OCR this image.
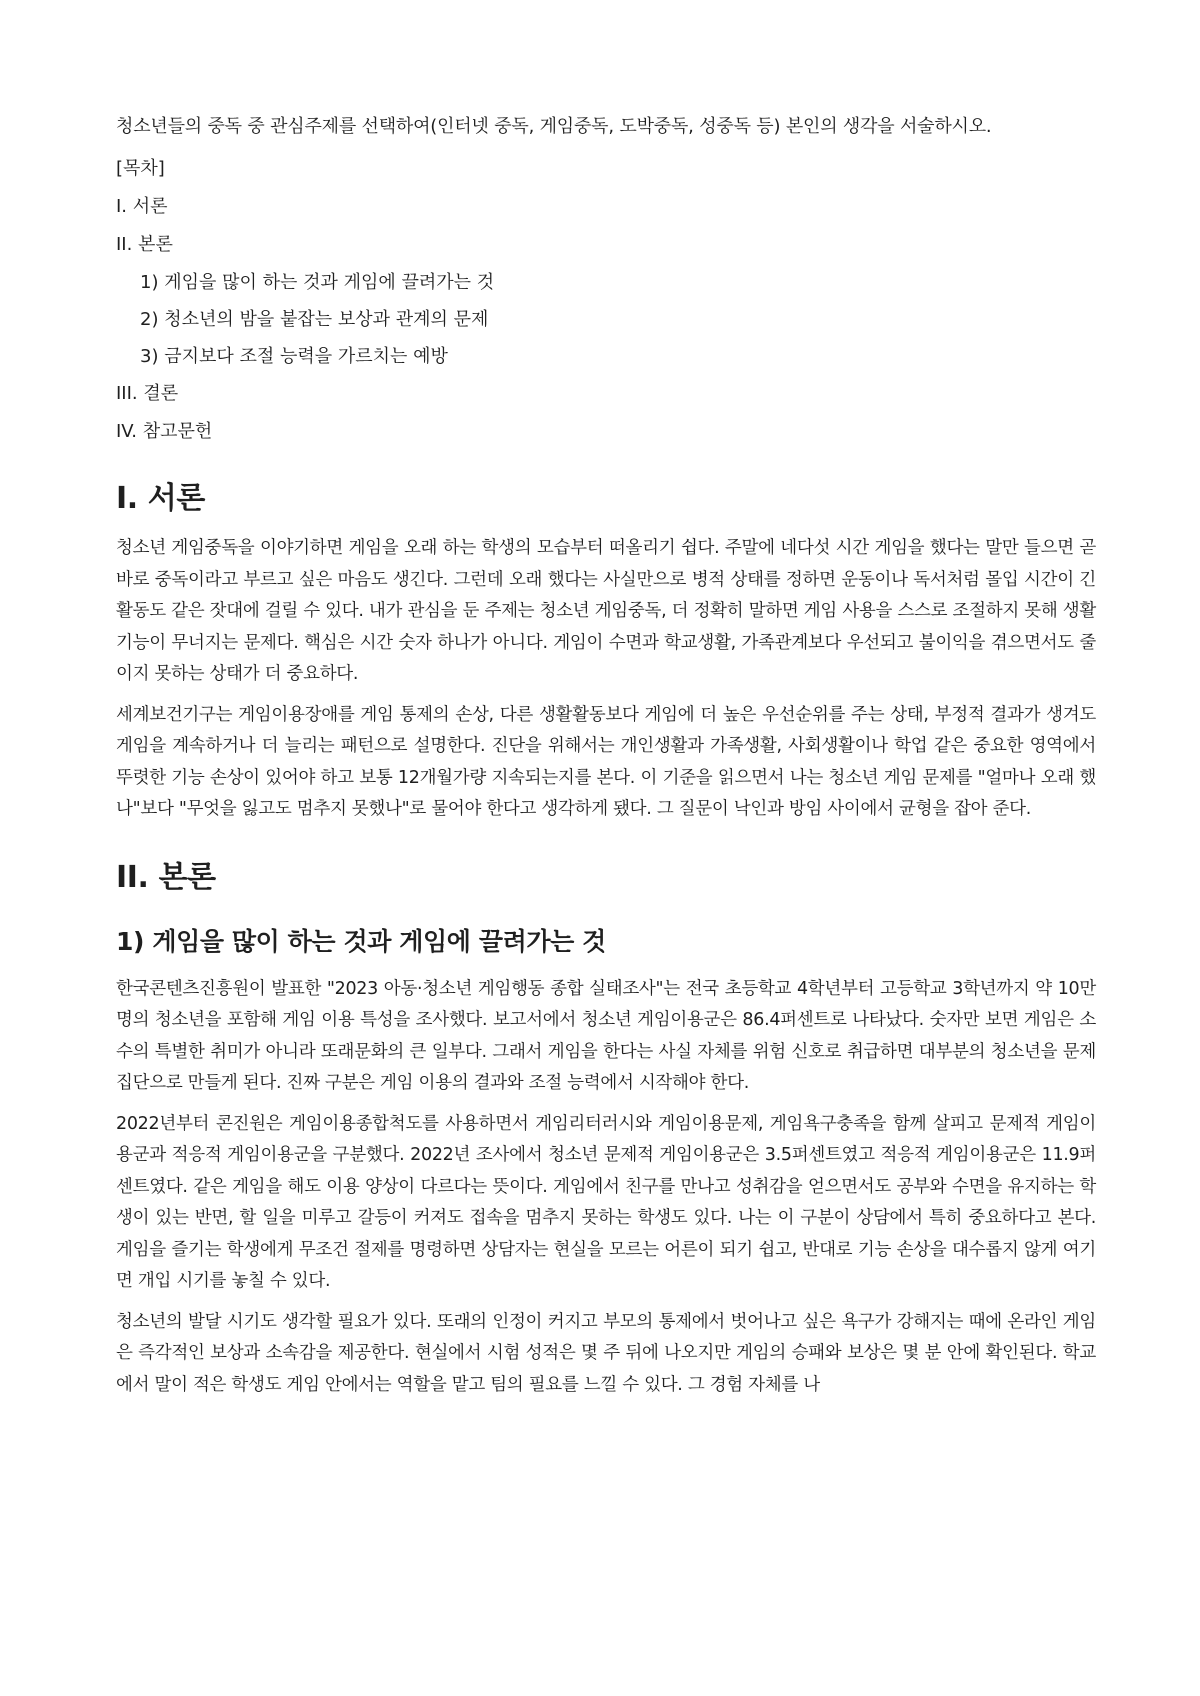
청소년들의 중독 중 관심주제를 선택하여(인터넷 중독, 게임중독, 도박중독, 성중독 등) 본인의 생각을 서술하시오.

[목차]
I. 서론
II. 본론
1) 게임을 많이 하는 것과 게임에 끌려가는 것
2) 청소년의 밤을 붙잡는 보상과 관계의 문제
3) 금지보다 조절 능력을 가르치는 예방
III. 결론
IV. 참고문헌
I. 서론

청소년 게임중독을 이야기하면 게임을 오래 하는 학생의 모습부터 떠올리기 쉽다. 주말에 네다섯 시간 게임을 했다는 말만 들으면 곧바로 중독이라고 부르고 싶은 마음도 생긴다. 그런데 오래 했다는 사실만으로 병적 상태를 정하면 운동이나 독서처럼 몰입 시간이 긴 활동도 같은 잣대에 걸릴 수 있다. 내가 관심을 둔 주제는 청소년 게임중독, 더 정확히 말하면 게임 사용을 스스로 조절하지 못해 생활 기능이 무너지는 문제다. 핵심은 시간 숫자 하나가 아니다. 게임이 수면과 학교생활, 가족관계보다 우선되고 불이익을 겪으면서도 줄이지 못하는 상태가 더 중요하다.

세계보건기구는 게임이용장애를 게임 통제의 손상, 다른 생활활동보다 게임에 더 높은 우선순위를 주는 상태, 부정적 결과가 생겨도 게임을 계속하거나 더 늘리는 패턴으로 설명한다. 진단을 위해서는 개인생활과 가족생활, 사회생활이나 학업 같은 중요한 영역에서 뚜렷한 기능 손상이 있어야 하고 보통 12개월가량 지속되는지를 본다. 이 기준을 읽으면서 나는 청소년 게임 문제를 "얼마나 오래 했나"보다 "무엇을 잃고도 멈추지 못했나"로 물어야 한다고 생각하게 됐다. 그 질문이 낙인과 방임 사이에서 균형을 잡아 준다.

II. 본론
1) 게임을 많이 하는 것과 게임에 끌려가는 것

한국콘텐츠진흥원이 발표한 "2023 아동·청소년 게임행동 종합 실태조사"는 전국 초등학교 4학년부터 고등학교 3학년까지 약 10만 명의 청소년을 포함해 게임 이용 특성을 조사했다. 보고서에서 청소년 게임이용군은 86.4퍼센트로 나타났다. 숫자만 보면 게임은 소수의 특별한 취미가 아니라 또래문화의 큰 일부다. 그래서 게임을 한다는 사실 자체를 위험 신호로 취급하면 대부분의 청소년을 문제집단으로 만들게 된다. 진짜 구분은 게임 이용의 결과와 조절 능력에서 시작해야 한다.

2022년부터 콘진원은 게임이용종합척도를 사용하면서 게임리터러시와 게임이용문제, 게임욕구충족을 함께 살피고 문제적 게임이용군과 적응적 게임이용군을 구분했다. 2022년 조사에서 청소년 문제적 게임이용군은 3.5퍼센트였고 적응적 게임이용군은 11.9퍼센트였다. 같은 게임을 해도 이용 양상이 다르다는 뜻이다. 게임에서 친구를 만나고 성취감을 얻으면서도 공부와 수면을 유지하는 학생이 있는 반면, 할 일을 미루고 갈등이 커져도 접속을 멈추지 못하는 학생도 있다. 나는 이 구분이 상담에서 특히 중요하다고 본다. 게임을 즐기는 학생에게 무조건 절제를 명령하면 상담자는 현실을 모르는 어른이 되기 쉽고, 반대로 기능 손상을 대수롭지 않게 여기면 개입 시기를 놓칠 수 있다.

청소년의 발달 시기도 생각할 필요가 있다. 또래의 인정이 커지고 부모의 통제에서 벗어나고 싶은 욕구가 강해지는 때에 온라인 게임은 즉각적인 보상과 소속감을 제공한다. 현실에서 시험 성적은 몇 주 뒤에 나오지만 게임의 승패와 보상은 몇 분 안에 확인된다. 학교에서 말이 적은 학생도 게임 안에서는 역할을 맡고 팀의 필요를 느낄 수 있다. 그 경험 자체를 나
